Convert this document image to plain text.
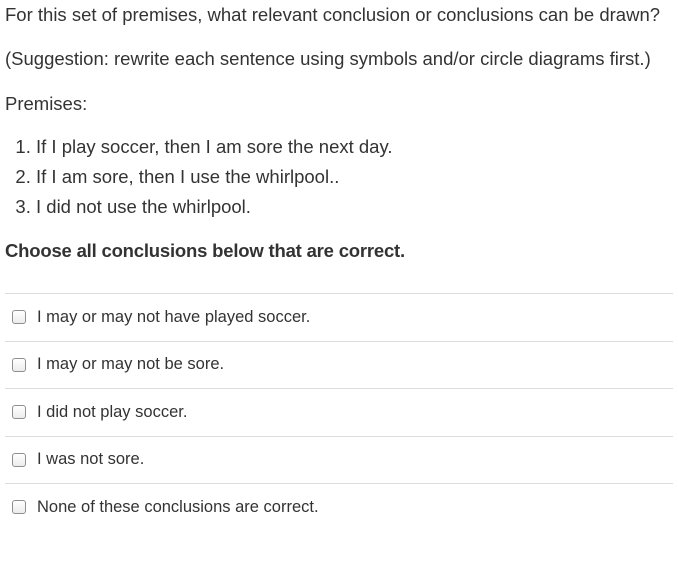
For this set of premises, what relevant conclusion or conclusions can be drawn?

(Suggestion: rewrite each sentence using symbols and/or circle diagrams first.)

Premises:

1. If I play soccer, then I am sore the next day.
2. If I am sore, then I use the whirlpool..
3. I did not use the whirlpool.

Choose all conclusions below that are correct.

I may or may not have played soccer.
I may or may not be sore.
I did not play soccer.
I was not sore.
None of these conclusions are correct.
